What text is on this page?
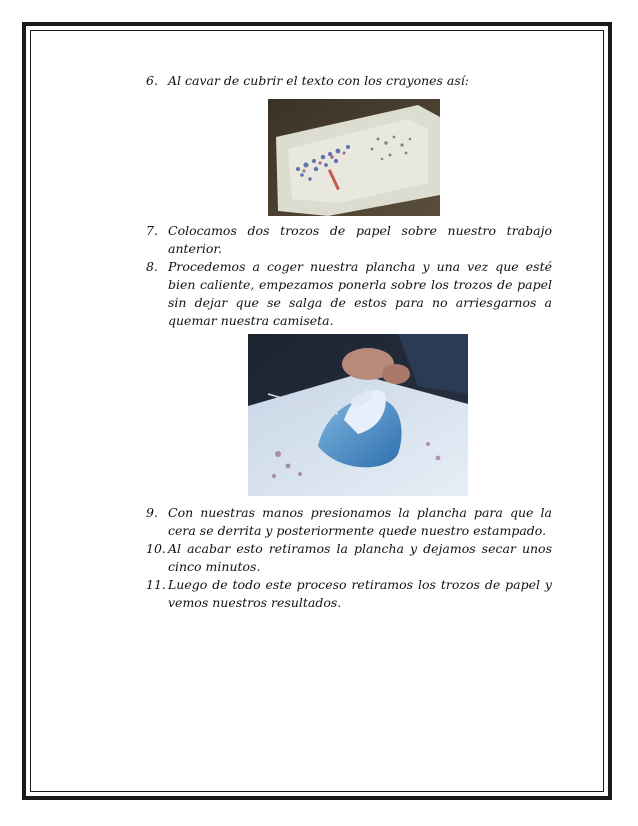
6. Al cavar de cubrir el texto con los crayones así:
7. Colocamos dos trozos de papel sobre nuestro trabajo anterior.
8. Procedemos a coger nuestra plancha y una vez que esté bien caliente, empezamos ponerla sobre los trozos de papel sin dejar que se salga de estos para no arriesgarnos a quemar nuestra camiseta.
9. Con nuestras manos presionamos la plancha para que la cera se derrita y posteriormente quede nuestro estampado.
10. Al acabar esto retiramos la plancha y dejamos secar unos cinco minutos.
11. Luego de todo este proceso retiramos los trozos de papel y vemos nuestros resultados.
